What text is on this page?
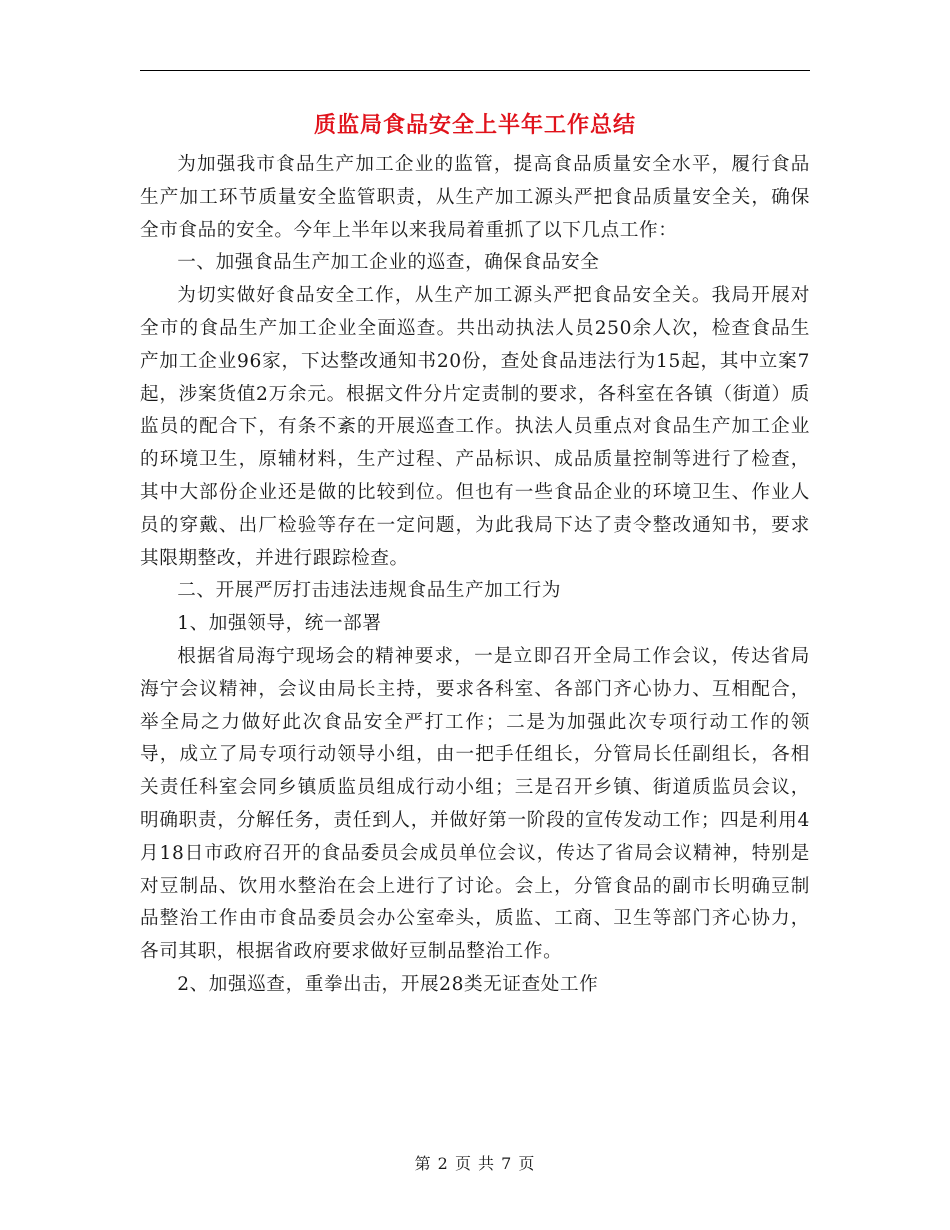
质监局食品安全上半年工作总结

为加强我市食品生产加工企业的监管，提高食品质量安全水平，履行食品生产加工环节质量安全监管职责，从生产加工源头严把食品质量安全关，确保全市食品的安全。今年上半年以来我局着重抓了以下几点工作：

一、加强食品生产加工企业的巡查，确保食品安全

为切实做好食品安全工作，从生产加工源头严把食品安全关。我局开展对全市的食品生产加工企业全面巡查。共出动执法人员250余人次，检查食品生产加工企业96家，下达整改通知书20份，查处食品违法行为15起，其中立案7起，涉案货值2万余元。根据文件分片定责制的要求，各科室在各镇（街道）质监员的配合下，有条不紊的开展巡查工作。执法人员重点对食品生产加工企业的环境卫生，原辅材料，生产过程、产品标识、成品质量控制等进行了检查，其中大部份企业还是做的比较到位。但也有一些食品企业的环境卫生、作业人员的穿戴、出厂检验等存在一定问题，为此我局下达了责令整改通知书，要求其限期整改，并进行跟踪检查。

二、开展严厉打击违法违规食品生产加工行为

1、加强领导，统一部署

根据省局海宁现场会的精神要求，一是立即召开全局工作会议，传达省局海宁会议精神，会议由局长主持，要求各科室、各部门齐心协力、互相配合，举全局之力做好此次食品安全严打工作；二是为加强此次专项行动工作的领导，成立了局专项行动领导小组，由一把手任组长，分管局长任副组长，各相关责任科室会同乡镇质监员组成行动小组；三是召开乡镇、街道质监员会议，明确职责，分解任务，责任到人，并做好第一阶段的宣传发动工作；四是利用4月18日市政府召开的食品委员会成员单位会议，传达了省局会议精神，特别是对豆制品、饮用水整治在会上进行了讨论。会上，分管食品的副市长明确豆制品整治工作由市食品委员会办公室牵头，质监、工商、卫生等部门齐心协力，各司其职，根据省政府要求做好豆制品整治工作。

2、加强巡查，重拳出击，开展28类无证查处工作

第 2 页 共 7 页
